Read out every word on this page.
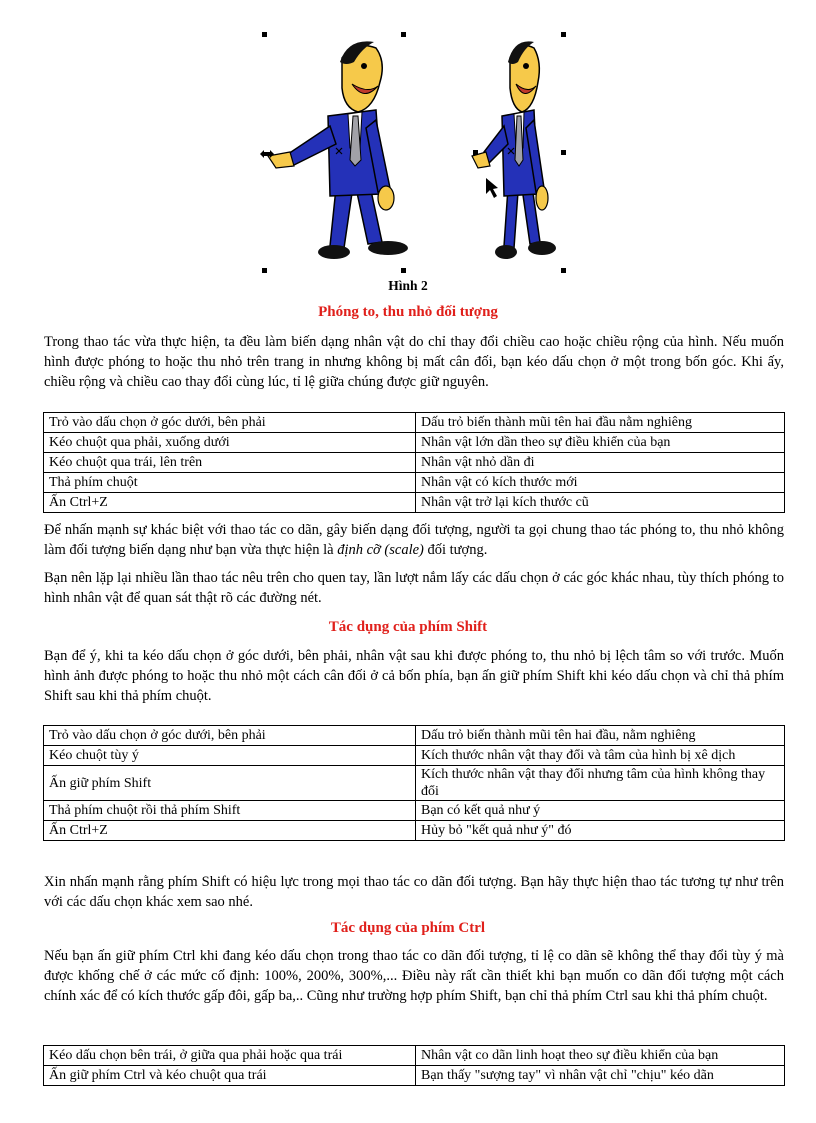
Hình 2
Phóng to, thu nhỏ đối tượng

Trong thao tác vừa thực hiện, ta đều làm biến dạng nhân vật do chỉ thay đổi chiều cao hoặc chiều rộng của hình. Nếu muốn hình được phóng to hoặc thu nhỏ trên trang in nhưng không bị mất cân đối, bạn kéo dấu chọn ở một trong bốn góc. Khi ấy, chiều rộng và chiều cao thay đổi cùng lúc, tỉ lệ giữa chúng được giữ nguyên.

Trỏ vào dấu chọn ở góc dưới, bên phải	Dấu trỏ biến thành mũi tên hai đầu nằm nghiêng
Kéo chuột qua phải, xuống dưới	Nhân vật lớn dần theo sự điều khiển của bạn
Kéo chuột qua trái, lên trên	Nhân vật nhỏ dần đi
Thả phím chuột	Nhân vật có kích thước mới
Ấn Ctrl+Z	Nhân vật trở lại kích thước cũ

Để nhấn mạnh sự khác biệt với thao tác co dãn, gây biến dạng đối tượng, người ta gọi chung thao tác phóng to, thu nhỏ không làm đối tượng biến dạng như bạn vừa thực hiện là định cỡ (scale) đối tượng.

Bạn nên lặp lại nhiều lần thao tác nêu trên cho quen tay, lần lượt nắm lấy các dấu chọn ở các góc khác nhau, tùy thích phóng to hình nhân vật để quan sát thật rõ các đường nét.

Tác dụng của phím Shift

Bạn để ý, khi ta kéo dấu chọn ở góc dưới, bên phải, nhân vật sau khi được phóng to, thu nhỏ bị lệch tâm so với trước. Muốn hình ảnh được phóng to hoặc thu nhỏ một cách cân đối ở cả bốn phía, bạn ấn giữ phím Shift khi kéo dấu chọn và chỉ thả phím Shift sau khi thả phím chuột.

Trỏ vào dấu chọn ở góc dưới, bên phải	Dấu trỏ biến thành mũi tên hai đầu, nằm nghiêng
Kéo chuột tùy ý	Kích thước nhân vật thay đổi và tâm của hình bị xê dịch
Ấn giữ phím Shift	Kích thước nhân vật thay đổi nhưng tâm của hình không thay đổi
Thả phím chuột rồi thả phím Shift	Bạn có kết quả như ý
Ấn Ctrl+Z	Hủy bỏ "kết quả như ý" đó

Xin nhấn mạnh rằng phím Shift có hiệu lực trong mọi thao tác co dãn đối tượng. Bạn hãy thực hiện thao tác tương tự như trên với các dấu chọn khác xem sao nhé.

Tác dụng của phím Ctrl

Nếu bạn ấn giữ phím Ctrl khi đang kéo dấu chọn trong thao tác co dãn đối tượng, tỉ lệ co dãn sẽ không thể thay đổi tùy ý mà được khống chế ở các mức cố định: 100%, 200%, 300%,... Điều này rất cần thiết khi bạn muốn co dãn đối tượng một cách chính xác để có kích thước gấp đôi, gấp ba,.. Cũng như trường hợp phím Shift, bạn chỉ thả phím Ctrl sau khi thả phím chuột.

Kéo dấu chọn bên trái, ở giữa qua phải hoặc qua trái	Nhân vật co dãn linh hoạt theo sự điều khiển của bạn
Ấn giữ phím Ctrl và kéo chuột qua trái	Bạn thấy "sượng tay" vì nhân vật chỉ "chịu" kéo dãn
